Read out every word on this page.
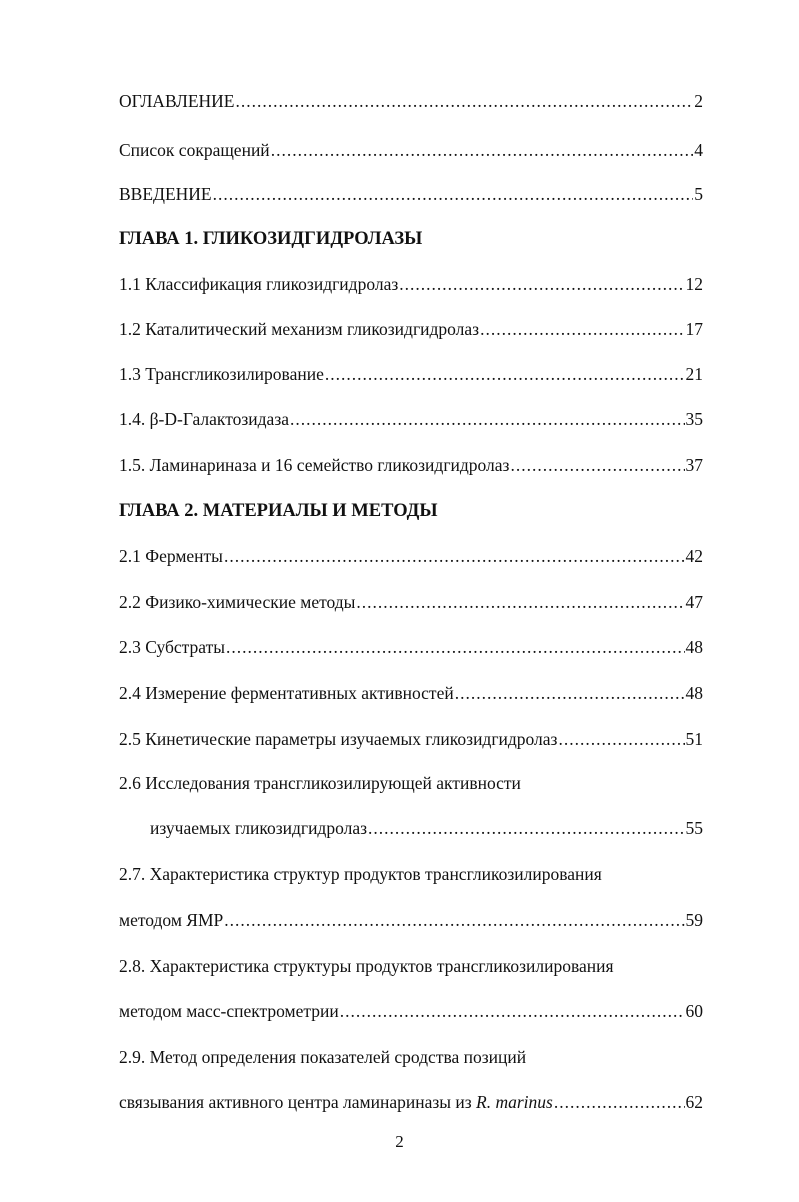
ОГЛАВЛЕНИЕ .....	2
Список сокращений .....	4
ВВЕДЕНИЕ .....	5
ГЛАВА 1. ГЛИКОЗИДГИДРОЛАЗЫ
1.1 Классификация гликозидгидролаз .....	12
1.2 Каталитический механизм гликозидгидролаз .....	17
1.3 Трансгликозилирование .....	21
1.4. β-D-Галактозидаза .....	35
1.5. Ламинариназа и 16 семейство гликозидгидролаз .....	37
ГЛАВА 2. МАТЕРИАЛЫ И МЕТОДЫ
2.1 Ферменты .....	42
2.2 Физико-химические методы .....	47
2.3 Субстраты .....	48
2.4 Измерение ферментативных активностей .....	48
2.5 Кинетические параметры изучаемых гликозидгидролаз .....	51
2.6 Исследования трансгликозилирующей активности
изучаемых гликозидгидролаз .....	55
2.7. Характеристика структур продуктов трансгликозилирования
методом ЯМР .....	59
2.8. Характеристика структуры продуктов трансгликозилирования
методом масс-спектрометрии .....	60
2.9. Метод определения показателей сродства позиций
связывания активного центра ламинариназы из R. marinus .....	62
2
